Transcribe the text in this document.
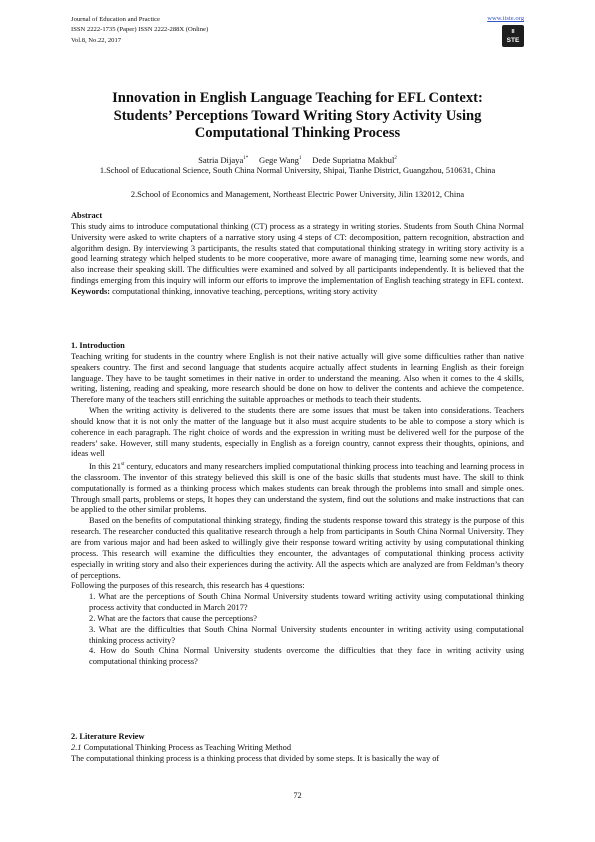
Journal of Education and Practice
ISSN 2222-1735 (Paper) ISSN 2222-288X (Online)
Vol.8, No.22, 2017
www.iiste.org
II
STE
Innovation in English Language Teaching for EFL Context:
Students’ Perceptions Toward Writing Story Activity Using
Computational Thinking Process
Satria Dijaya$^{1*}$ Gege Wang$^1$ Dede Supriatna Makbul$^2$
1.School of Educational Science, South China Normal University, Shipai, Tianhe District, Guangzhou, 510631, China
2.School of Economics and Management, Northeast Electric Power University, Jilin 132012, China

Abstract

This study aims to introduce computational thinking (CT) process as a strategy in writing stories. Students from South China Normal University were asked to write chapters of a narrative story using 4 steps of CT: decomposition, pattern recognition, abstraction and algorithm design. By interviewing 3 participants, the results stated that computational thinking strategy in writing story activity is a good learning strategy which helped students to be more cooperative, more aware of managing time, learning some new words, and also increase their speaking skill. The difficulties were examined and solved by all participants independently. It is believed that the findings emerging from this inquiry will inform our efforts to improve the implementation of English teaching strategy in EFL context.

Keywords: computational thinking, innovative teaching, perceptions, writing story activity

1. Introduction

Teaching writing for students in the country where English is not their native actually will give some difficulties rather than native speakers country. The first and second language that students acquire actually affect students in learning English as their foreign language. They have to be taught sometimes in their native in order to understand the meaning. Also when it comes to the 4 skills, writing, listening, reading and speaking, more research should be done on how to deliver the contents and achieve the competence. Therefore many of the teachers still enriching the suitable approaches or methods to teach their students.

When the writing activity is delivered to the students there are some issues that must be taken into considerations. Teachers should know that it is not only the matter of the language but it also must acquire students to be able to compose a story which is coherence in each paragraph. The right choice of words and the expression in writing must be delivered well for the purpose of the readers’ sake. However, still many students, especially in English as a foreign country, cannot express their thoughts, opinions, and ideas well

In this 21st century, educators and many researchers implied computational thinking process into teaching and learning process in the classroom. The inventor of this strategy believed this skill is one of the basic skills that students must have. The skill to think computationally is formed as a thinking process which makes students can break through the problems into small and simple ones. Through small parts, problems or steps, It hopes they can understand the system, find out the solutions and make instructions that can be applied to the other similar problems.

Based on the benefits of computational thinking strategy, finding the students response toward this strategy is the purpose of this research. The researcher conducted this qualitative research through a help from participants in South China Normal University. They are from various major and had been asked to willingly give their response toward writing activity by using computational thinking process. This research will examine the difficulties they encounter, the advantages of computational thinking process activity especially in writing story and also their experiences during the activity. All the aspects which are analyzed are from Feldman’s theory of perceptions.

Following the purposes of this research, this research has 4 questions:

1. What are the perceptions of South China Normal University students toward writing activity using computational thinking process activity that conducted in March 2017?

2. What are the factors that cause the perceptions?

3. What are the difficulties that South China Normal University students encounter in writing activity using computational thinking process activity?

4. How do South China Normal University students overcome the difficulties that they face in writing activity using computational thinking process?

2. Literature Review

2.1 Computational Thinking Process as Teaching Writing Method

The computational thinking process is a thinking process that divided by some steps. It is basically the way of

72
